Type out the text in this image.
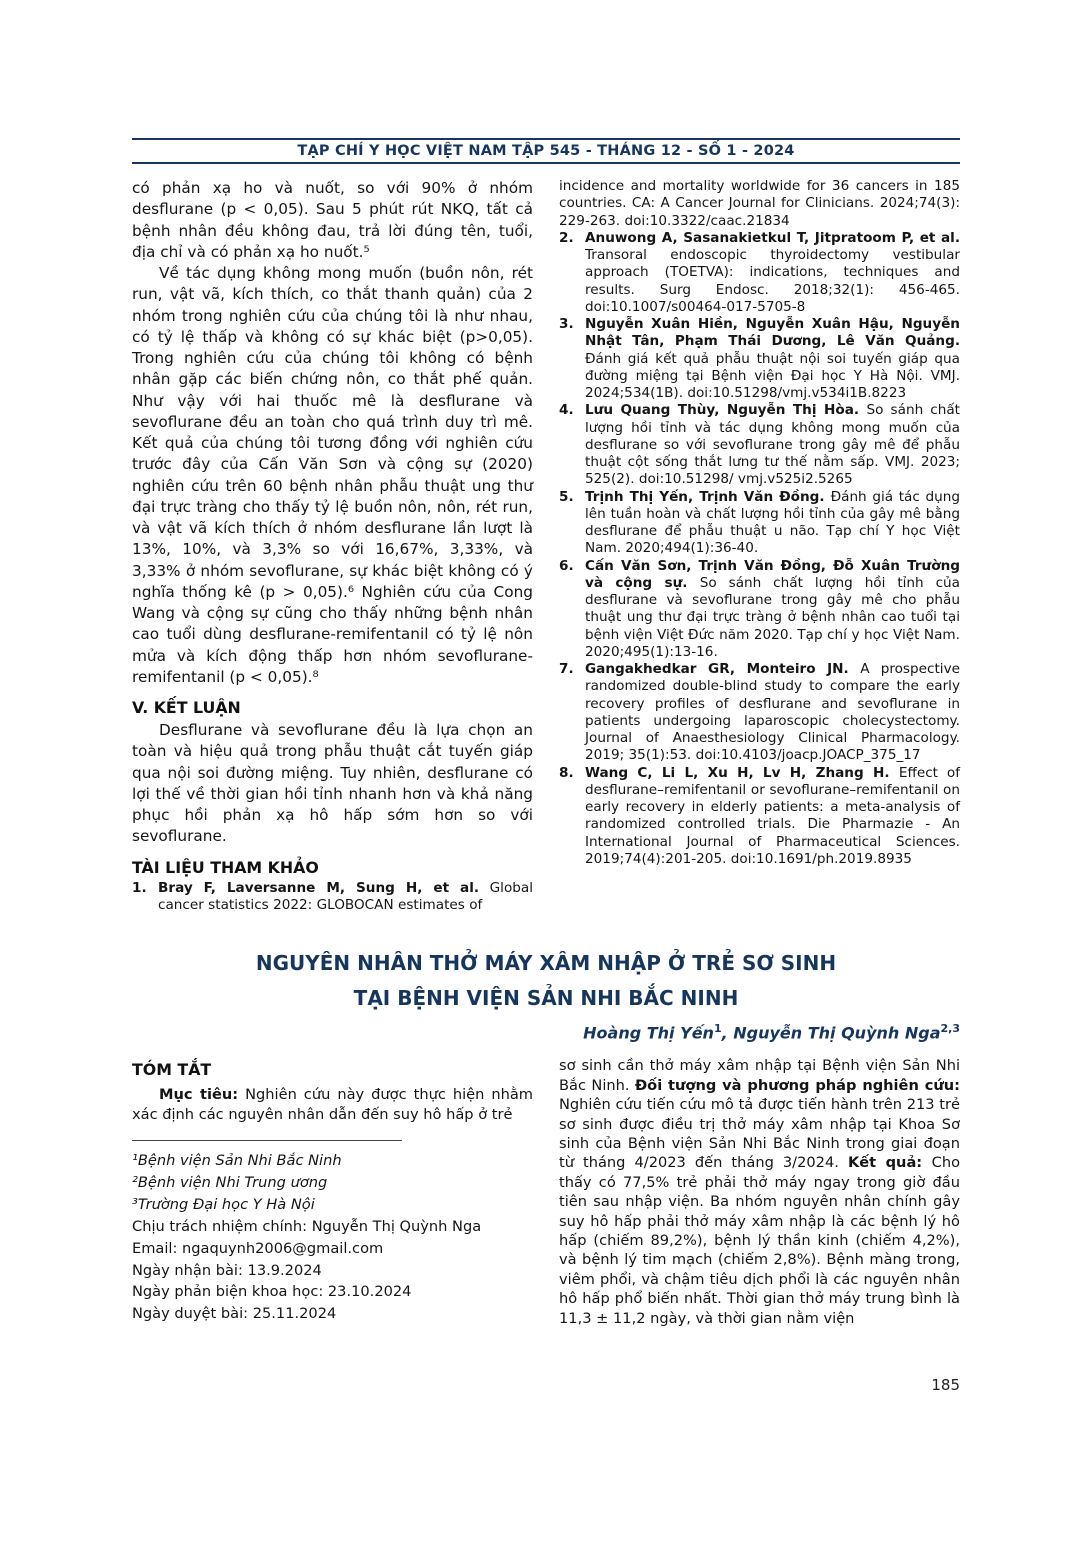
TẠP CHÍ Y HỌC VIỆT NAM TẬP 545 - THÁNG 12 - SỐ 1 - 2024

có phản xạ ho và nuốt, so với 90% ở nhóm desflurane (p < 0,05). Sau 5 phút rút NKQ, tất cả bệnh nhân đều không đau, trả lời đúng tên, tuổi, địa chỉ và có phản xạ ho nuốt.⁵

Về tác dụng không mong muốn (buồn nôn, rét run, vật vã, kích thích, co thắt thanh quản) của 2 nhóm trong nghiên cứu của chúng tôi là như nhau, có tỷ lệ thấp và không có sự khác biệt (p>0,05). Trong nghiên cứu của chúng tôi không có bệnh nhân gặp các biến chứng nôn, co thắt phế quản. Như vậy với hai thuốc mê là desflurane và sevoflurane đều an toàn cho quá trình duy trì mê. Kết quả của chúng tôi tương đồng với nghiên cứu trước đây của Cấn Văn Sơn và cộng sự (2020) nghiên cứu trên 60 bệnh nhân phẫu thuật ung thư đại trực tràng cho thấy tỷ lệ buồn nôn, nôn, rét run, và vật vã kích thích ở nhóm desflurane lần lượt là 13%, 10%, và 3,3% so với 16,67%, 3,33%, và 3,33% ở nhóm sevoflurane, sự khác biệt không có ý nghĩa thống kê (p > 0,05).⁶ Nghiên cứu của Cong Wang và cộng sự cũng cho thấy những bệnh nhân cao tuổi dùng desflurane-remifentanil có tỷ lệ nôn mửa và kích động thấp hơn nhóm sevoflurane-remifentanil (p < 0,05).⁸

V. KẾT LUẬN

Desflurane và sevoflurane đều là lựa chọn an toàn và hiệu quả trong phẫu thuật cắt tuyến giáp qua nội soi đường miệng. Tuy nhiên, desflurane có lợi thế về thời gian hồi tỉnh nhanh hơn và khả năng phục hồi phản xạ hô hấp sớm hơn so với sevoflurane.

TÀI LIỆU THAM KHẢO
1. Bray F, Laversanne M, Sung H, et al. Global cancer statistics 2022: GLOBOCAN estimates of

incidence and mortality worldwide for 36 cancers in 185 countries. CA: A Cancer Journal for Clinicians. 2024;74(3): 229-263. doi:10.3322/caac.21834

2. Anuwong A, Sasanakietkul T, Jitpratoom P, et al. Transoral endoscopic thyroidectomy vestibular approach (TOETVA): indications, techniques and results. Surg Endosc. 2018;32(1): 456-465. doi:10.1007/s00464-017-5705-8
3. Nguyễn Xuân Hiền, Nguyễn Xuân Hậu, Nguyễn Nhật Tân, Phạm Thái Dương, Lê Văn Quảng. Đánh giá kết quả phẫu thuật nội soi tuyến giáp qua đường miệng tại Bệnh viện Đại học Y Hà Nội. VMJ. 2024;534(1B). doi:10.51298/vmj.v534i1B.8223
4. Lưu Quang Thùy, Nguyễn Thị Hòa. So sánh chất lượng hồi tỉnh và tác dụng không mong muốn của desflurane so với sevoflurane trong gây mê để phẫu thuật cột sống thắt lưng tư thế nằm sấp. VMJ. 2023; 525(2). doi:10.51298/ vmj.v525i2.5265
5. Trịnh Thị Yến, Trịnh Văn Đồng. Đánh giá tác dụng lên tuần hoàn và chất lượng hồi tỉnh của gây mê bằng desflurane để phẫu thuật u não. Tạp chí Y học Việt Nam. 2020;494(1):36-40.
6. Cấn Văn Sơn, Trịnh Văn Đồng, Đỗ Xuân Trường và cộng sự. So sánh chất lượng hồi tỉnh của desflurane và sevoflurane trong gây mê cho phẫu thuật ung thư đại trực tràng ở bệnh nhân cao tuổi tại bệnh viện Việt Đức năm 2020. Tạp chí y học Việt Nam. 2020;495(1):13-16.
7. Gangakhedkar GR, Monteiro JN. A prospective randomized double-blind study to compare the early recovery profiles of desflurane and sevoflurane in patients undergoing laparoscopic cholecystectomy. Journal of Anaesthesiology Clinical Pharmacology. 2019; 35(1):53. doi:10.4103/joacp.JOACP_375_17
8. Wang C, Li L, Xu H, Lv H, Zhang H. Effect of desflurane–remifentanil or sevoflurane–remifentanil on early recovery in elderly patients: a meta-analysis of randomized controlled trials. Die Pharmazie - An International Journal of Pharmaceutical Sciences. 2019;74(4):201-205. doi:10.1691/ph.2019.8935
NGUYÊN NHÂN THỞ MÁY XÂM NHẬP Ở TRẺ SƠ SINH
TẠI BỆNH VIỆN SẢN NHI BẮC NINH
Hoàng Thị Yến$^1$, Nguyễn Thị Quỳnh Nga$^{2,3}$
TÓM TẮT

Mục tiêu: Nghiên cứu này được thực hiện nhằm xác định các nguyên nhân dẫn đến suy hô hấp ở trẻ

¹Bệnh viện Sản Nhi Bắc Ninh
²Bệnh viện Nhi Trung ương
³Trường Đại học Y Hà Nội
Chịu trách nhiệm chính: Nguyễn Thị Quỳnh Nga
Email: ngaquynh2006@gmail.com
Ngày nhận bài: 13.9.2024
Ngày phản biện khoa học: 23.10.2024
Ngày duyệt bài: 25.11.2024

sơ sinh cần thở máy xâm nhập tại Bệnh viện Sản Nhi Bắc Ninh. Đối tượng và phương pháp nghiên cứu: Nghiên cứu tiến cứu mô tả được tiến hành trên 213 trẻ sơ sinh được điều trị thở máy xâm nhập tại Khoa Sơ sinh của Bệnh viện Sản Nhi Bắc Ninh trong giai đoạn từ tháng 4/2023 đến tháng 3/2024. Kết quả: Cho thấy có 77,5% trẻ phải thở máy ngay trong giờ đầu tiên sau nhập viện. Ba nhóm nguyên nhân chính gây suy hô hấp phải thở máy xâm nhập là các bệnh lý hô hấp (chiếm 89,2%), bệnh lý thần kinh (chiếm 4,2%), và bệnh lý tim mạch (chiếm 2,8%). Bệnh màng trong, viêm phổi, và chậm tiêu dịch phổi là các nguyên nhân hô hấp phổ biến nhất. Thời gian thở máy trung bình là 11,3 ± 11,2 ngày, và thời gian nằm viện

185
